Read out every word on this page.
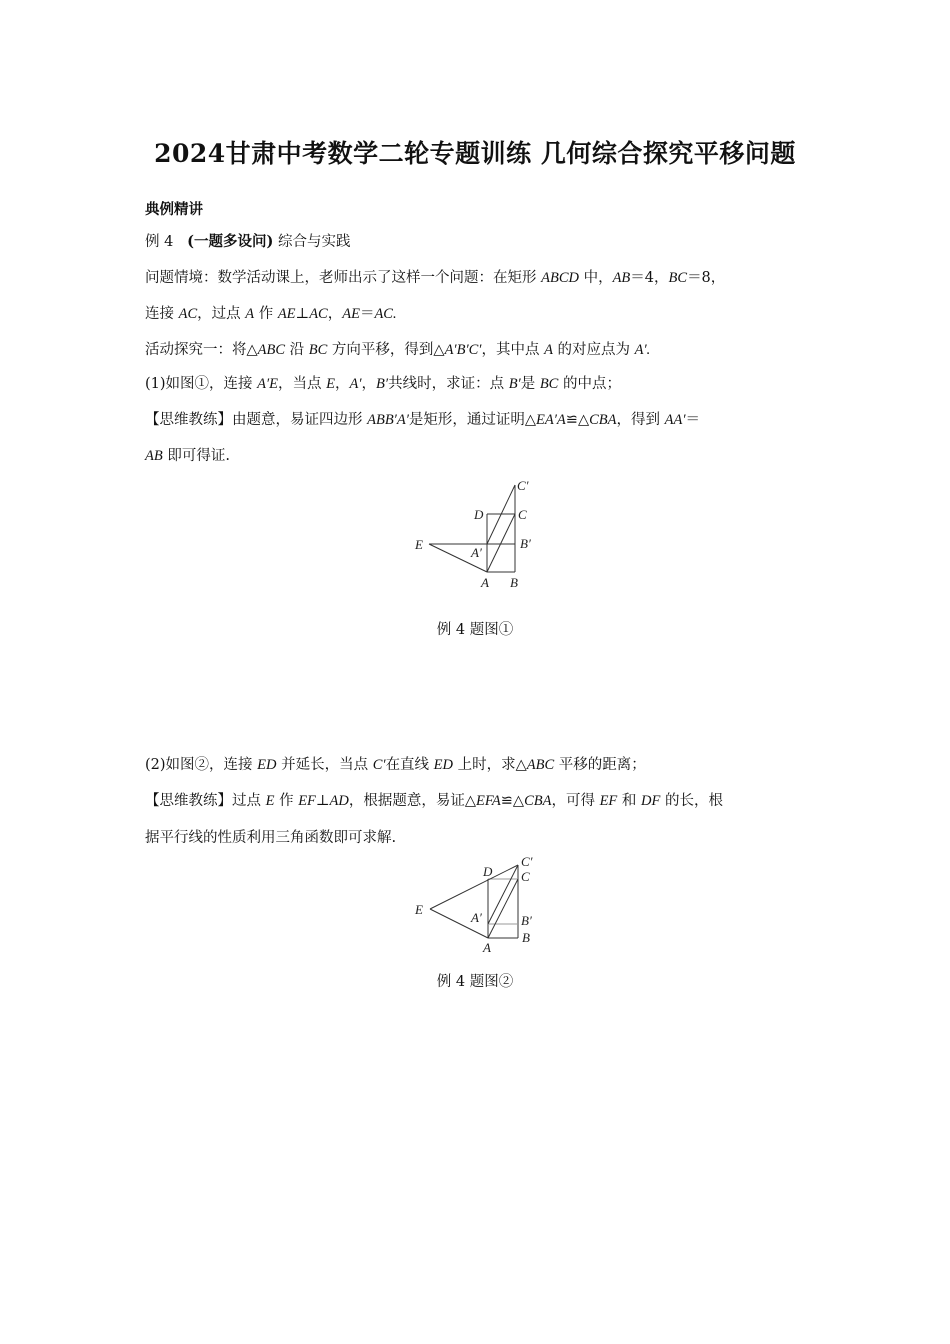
2024甘肃中考数学二轮专题训练 几何综合探究平移问题
典例精讲
例 4 (一题多设问) 综合与实践
问题情境：数学活动课上，老师出示了这样一个问题：在矩形 ABCD 中，AB＝4，BC＝8，
连接 AC，过点 A 作 AE⊥AC，AE＝AC.
活动探究一：将△ABC 沿 BC 方向平移，得到△A′B′C′，其中点 A 的对应点为 A′.
(1)如图①，连接 A′E，当点 E，A′，B′共线时，求证：点 B′是 BC 的中点；
【思维教练】由题意，易证四边形 ABB′A′是矩形，通过证明△EA′A≌△CBA，得到 AA′＝
AB 即可得证.
C′
D	C
E	B′
A′
A B
C′
D C
E
B′
A′
A
B
例 4 题图①
(2)如图②，连接 ED 并延长，当点 C′在直线 ED 上时，求△ABC 平移的距离；
【思维教练】过点 E 作 EF⊥AD，根据题意，易证△EFA≌△CBA，可得 EF 和 DF 的长，根
据平行线的性质利用三角函数即可求解.
例 4 题图②
